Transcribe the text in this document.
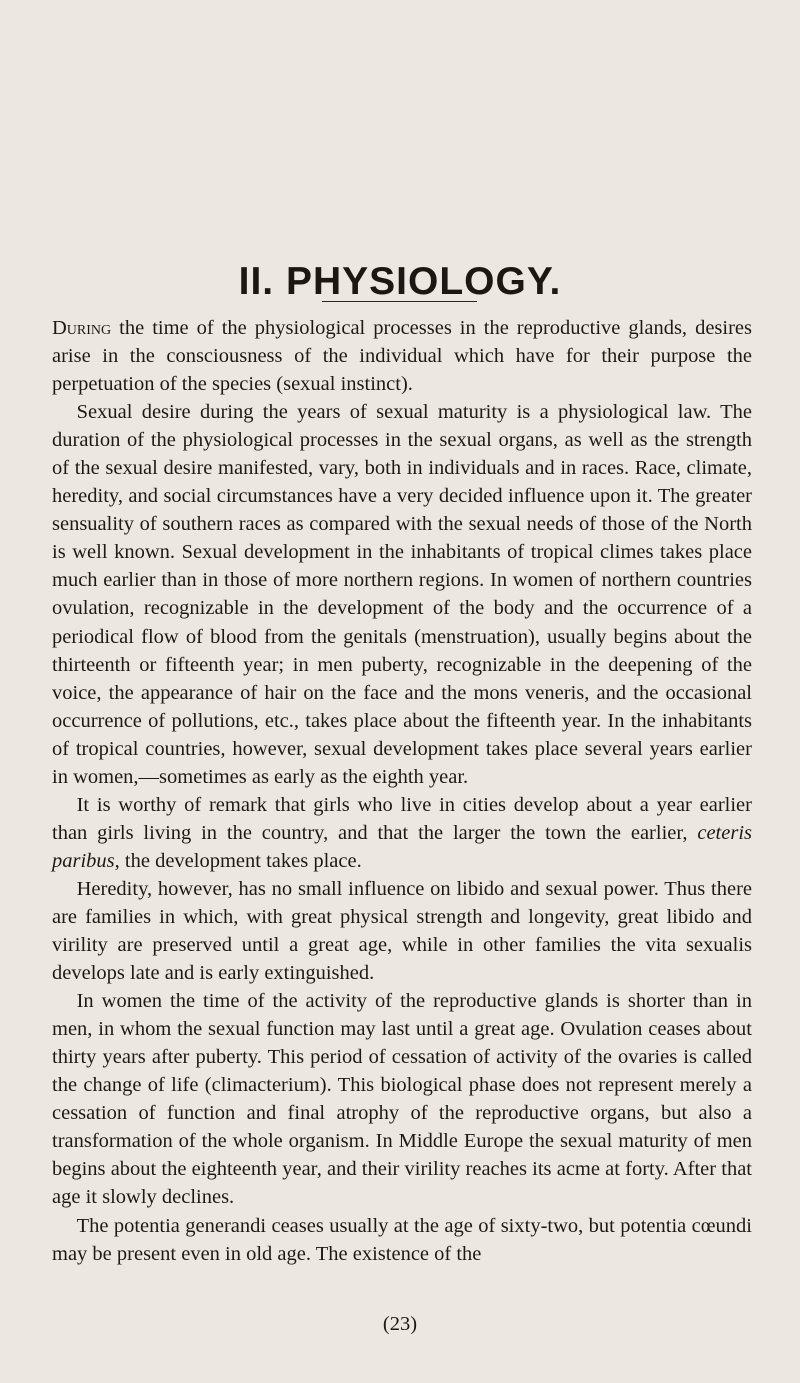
II. PHYSIOLOGY.

During the time of the physiological processes in the reproductive glands, desires arise in the consciousness of the individual which have for their purpose the perpetuation of the species (sexual instinct).

Sexual desire during the years of sexual maturity is a physiological law. The duration of the physiological processes in the sexual organs, as well as the strength of the sexual desire manifested, vary, both in individuals and in races. Race, climate, heredity, and social circumstances have a very decided influence upon it. The greater sensuality of southern races as compared with the sexual needs of those of the North is well known. Sexual development in the inhabitants of tropical climes takes place much earlier than in those of more northern regions. In women of northern countries ovulation, recognizable in the development of the body and the occurrence of a periodical flow of blood from the genitals (menstruation), usually begins about the thirteenth or fifteenth year; in men puberty, recognizable in the deepening of the voice, the appearance of hair on the face and the mons veneris, and the occasional occurrence of pollutions, etc., takes place about the fifteenth year. In the inhabitants of tropical countries, however, sexual development takes place several years earlier in women,—sometimes as early as the eighth year.

It is worthy of remark that girls who live in cities develop about a year earlier than girls living in the country, and that the larger the town the earlier, ceteris paribus, the development takes place.

Heredity, however, has no small influence on libido and sexual power. Thus there are families in which, with great physical strength and longevity, great libido and virility are preserved until a great age, while in other families the vita sexualis develops late and is early extinguished.

In women the time of the activity of the reproductive glands is shorter than in men, in whom the sexual function may last until a great age. Ovulation ceases about thirty years after puberty. This period of cessation of activity of the ovaries is called the change of life (climacterium). This biological phase does not represent merely a cessation of function and final atrophy of the reproductive organs, but also a transformation of the whole organism. In Middle Europe the sexual maturity of men begins about the eighteenth year, and their virility reaches its acme at forty. After that age it slowly declines.

The potentia generandi ceases usually at the age of sixty-two, but potentia cœundi may be present even in old age. The existence of the

(23)
